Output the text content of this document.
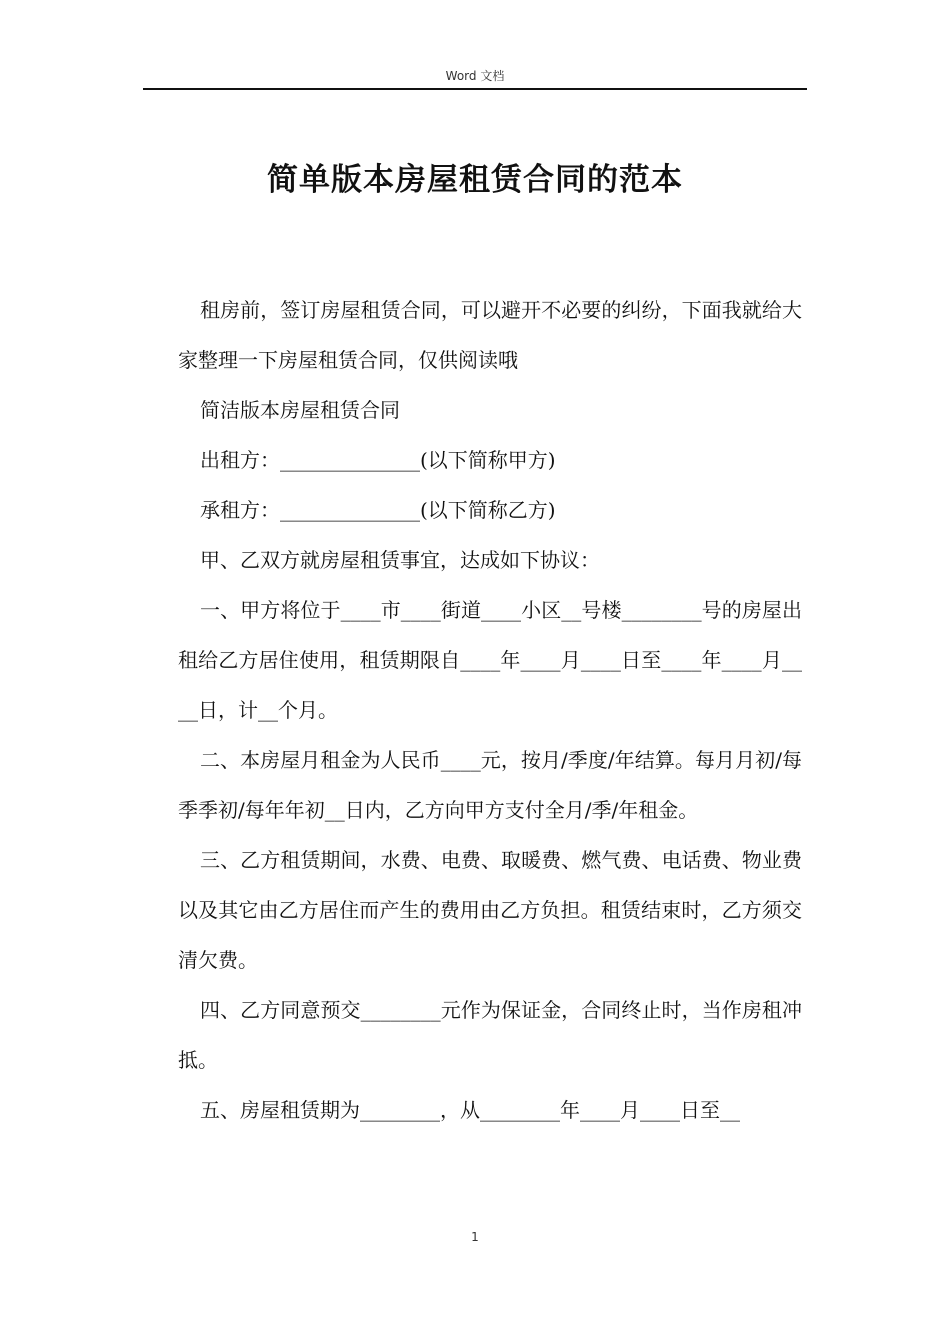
Word 文档
简单版本房屋租赁合同的范本

租房前，签订房屋租赁合同，可以避开不必要的纠纷，下面我就给大家整理一下房屋租赁合同，仅供阅读哦

简洁版本房屋租赁合同

出租方：______________(以下简称甲方)

承租方：______________(以下简称乙方)

甲、乙双方就房屋租赁事宜，达成如下协议：

一、甲方将位于____市____街道____小区__号楼________号的房屋出租给乙方居住使用，租赁期限自____年____月____日至____年____月____日，计__个月。

二、本房屋月租金为人民币____元，按月/季度/年结算。每月月初/每季季初/每年年初__日内，乙方向甲方支付全月/季/年租金。

三、乙方租赁期间，水费、电费、取暖费、燃气费、电话费、物业费以及其它由乙方居住而产生的费用由乙方负担。租赁结束时，乙方须交清欠费。

四、乙方同意预交________元作为保证金，合同终止时，当作房租冲抵。

五、房屋租赁期为________，从________年____月____日至__

1
